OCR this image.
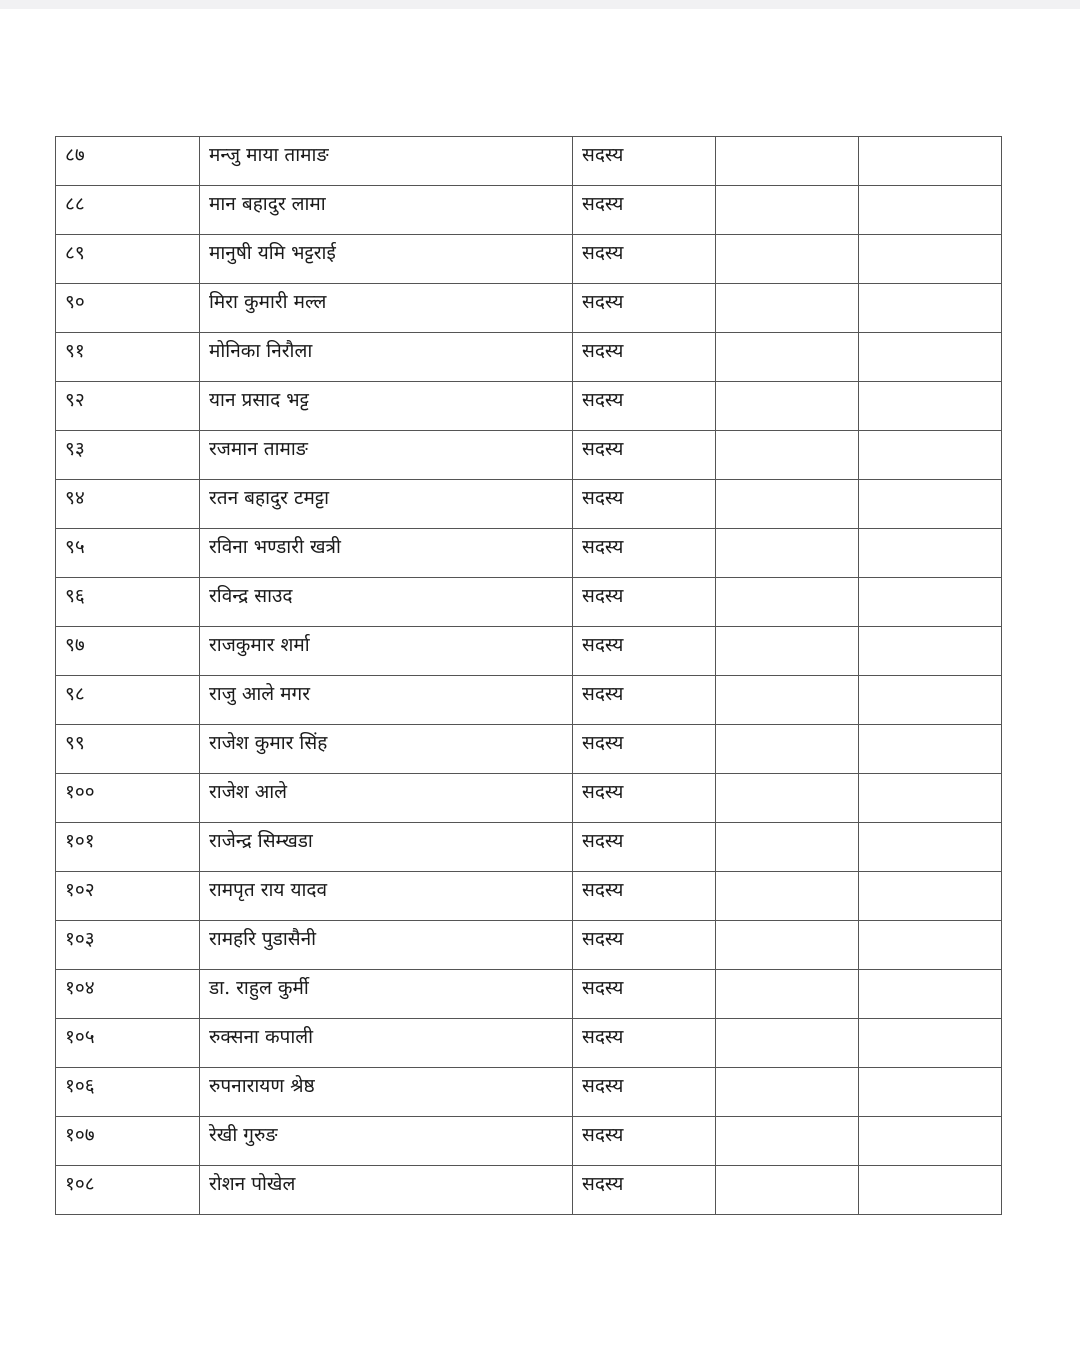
८७	मन्जु माया तामाङ	सदस्य		

८८	मान बहादुर लामा	सदस्य		

८९	मानुषी यमि भट्टराई	सदस्य		

९०	मिरा कुमारी मल्ल	सदस्य		

९१	मोनिका निरौला	सदस्य		

९२	यान प्रसाद भट्ट	सदस्य		

९३	रजमान तामाङ	सदस्य		

९४	रतन बहादुर टमट्टा	सदस्य		

९५	रविना भण्डारी खत्री	सदस्य		

९६	रविन्द्र साउद	सदस्य		

९७	राजकुमार शर्मा	सदस्य		

९८	राजु आले मगर	सदस्य		

९९	राजेश कुमार सिंह	सदस्य		

१००	राजेश आले	सदस्य		

१०१	राजेन्द्र सिम्खडा	सदस्य		

१०२	रामपृत राय यादव	सदस्य		

१०३	रामहरि पुडासैनी	सदस्य		

१०४	डा. राहुल कुर्मी	सदस्य		

१०५	रुक्सना कपाली	सदस्य		

१०६	रुपनारायण श्रेष्ठ	सदस्य		

१०७	रेखी गुरुङ	सदस्य		

१०८	रोशन पोखेल	सदस्य		
